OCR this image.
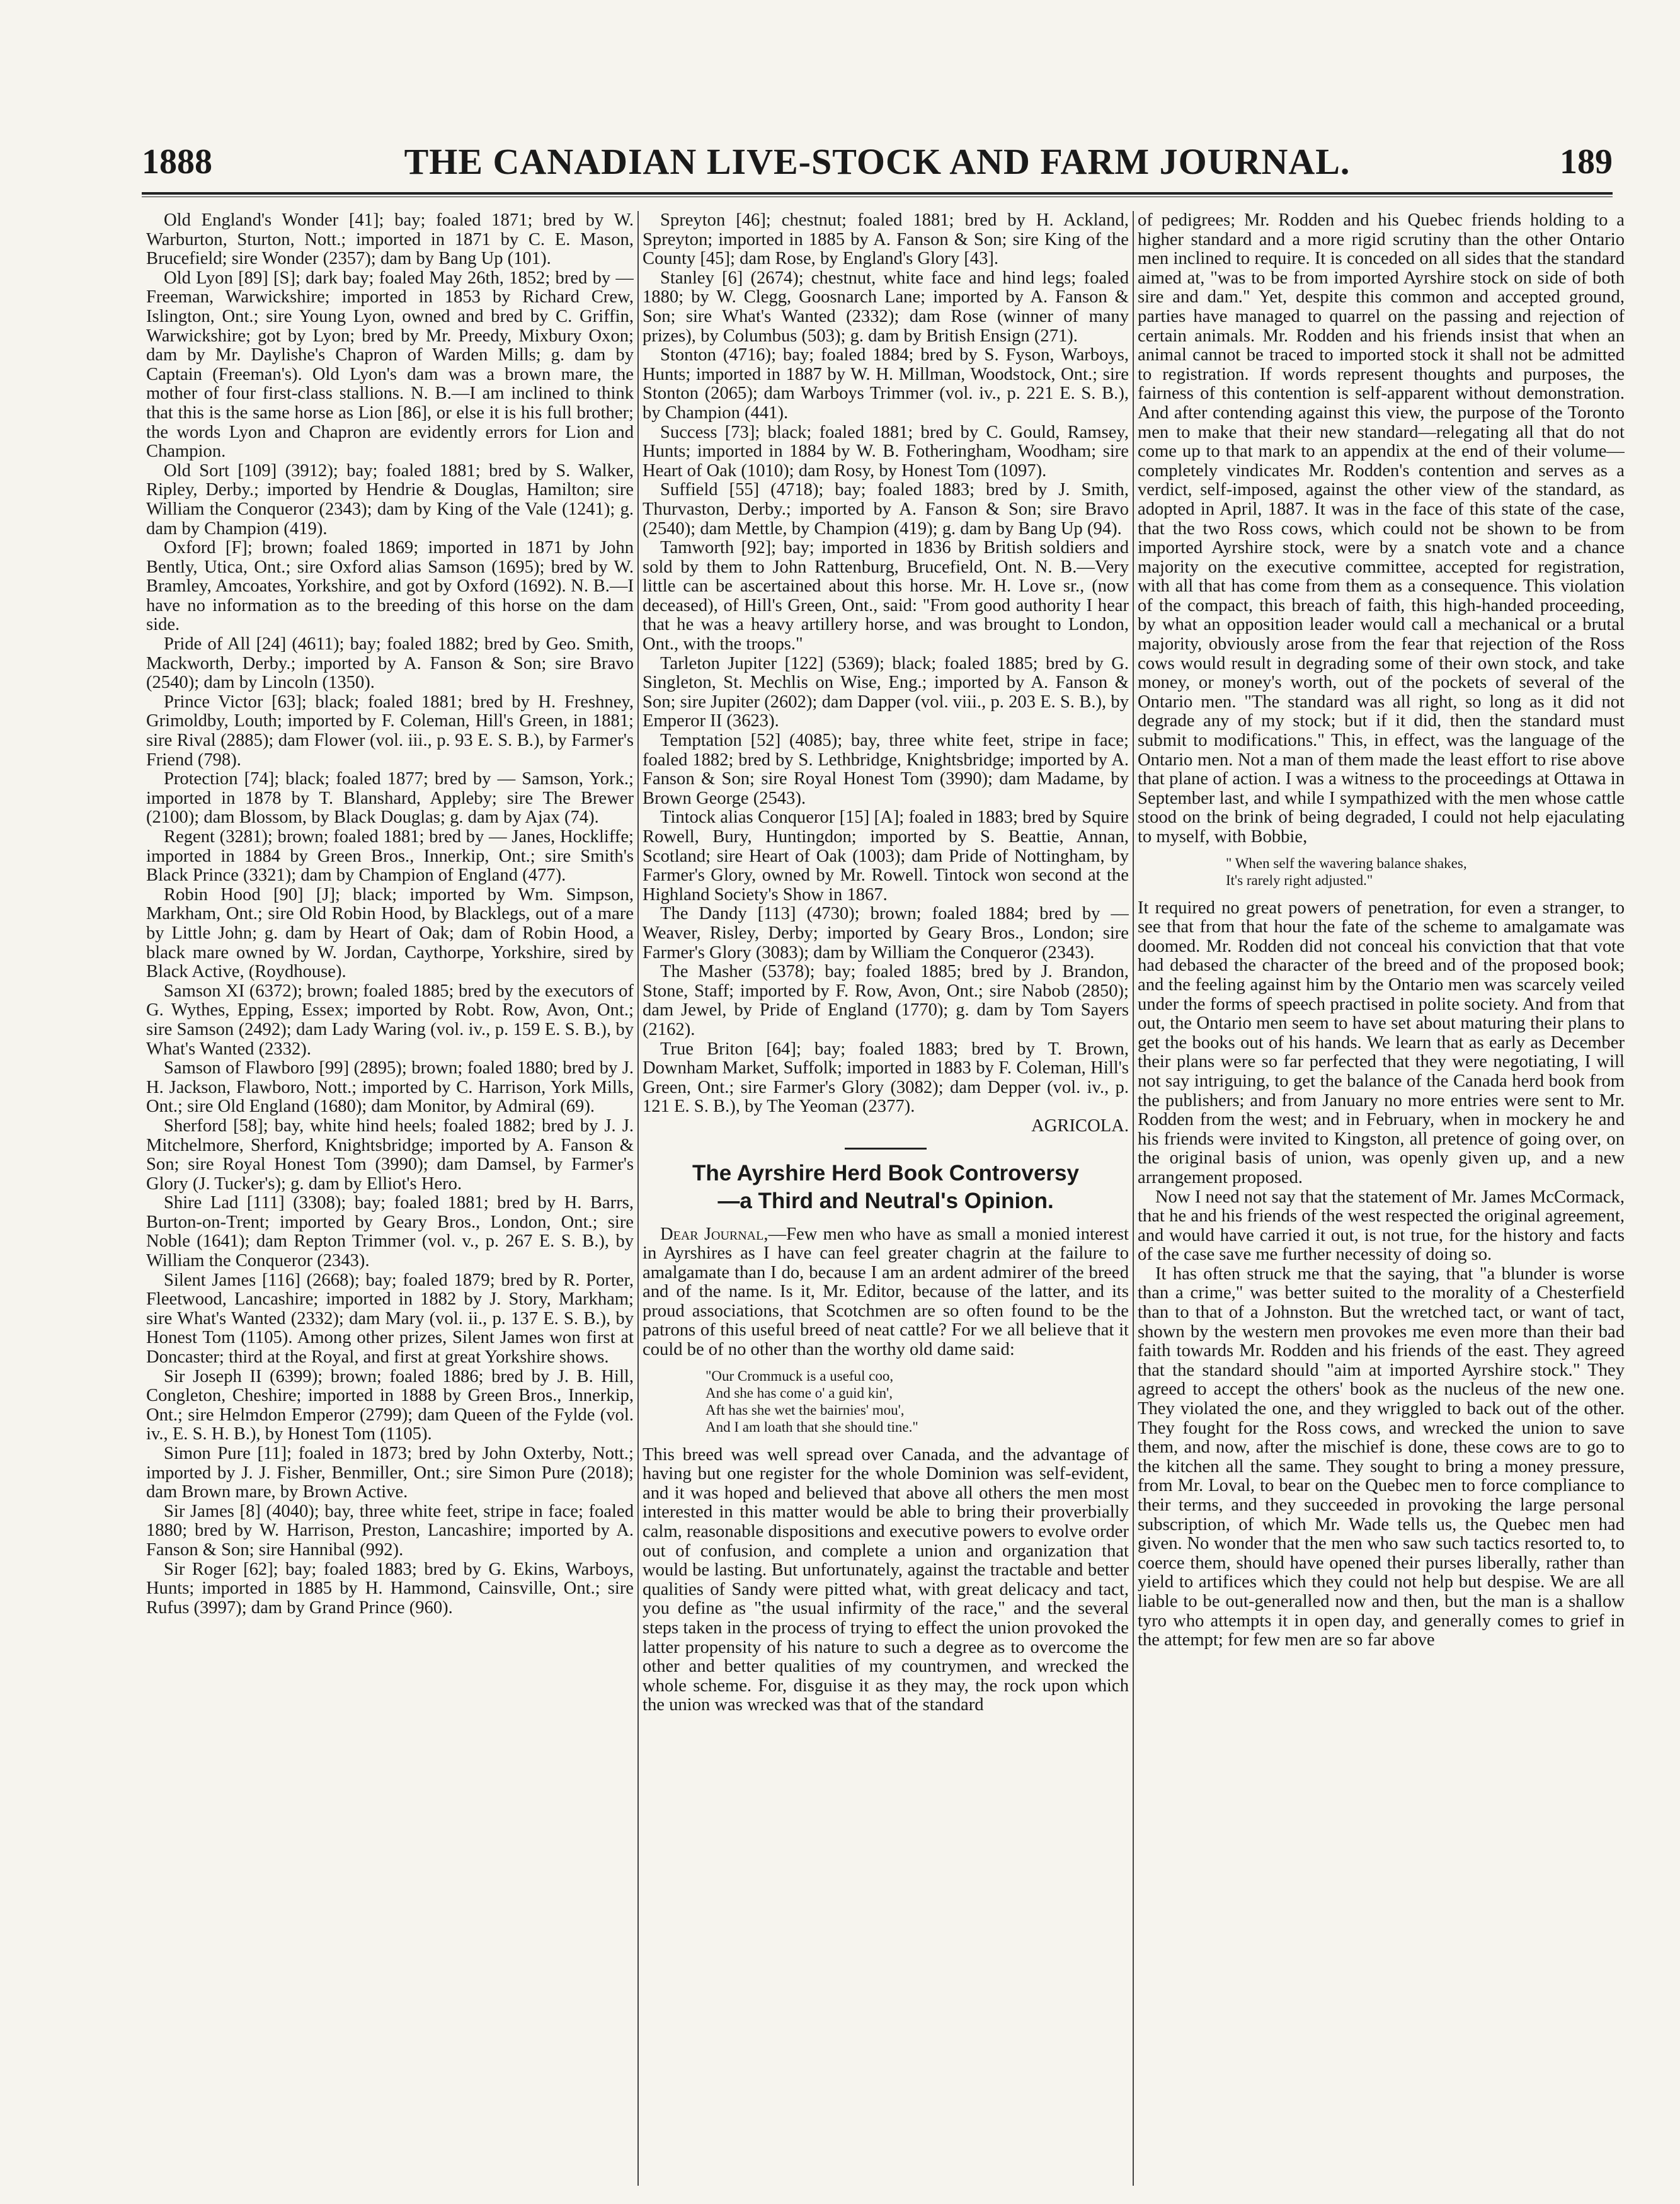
1888	THE CANADIAN LIVE-STOCK AND FARM JOURNAL.	189

Old England's Wonder [41]; bay; foaled 1871; bred by W. Warburton, Sturton, Nott.; imported in 1871 by C. E. Mason, Brucefield; sire Wonder (2357); dam by Bang Up (101).

Old Lyon [89] [S]; dark bay; foaled May 26th, 1852; bred by — Freeman, Warwickshire; imported in 1853 by Richard Crew, Islington, Ont.; sire Young Lyon, owned and bred by C. Griffin, Warwickshire; got by Lyon; bred by Mr. Preedy, Mixbury Oxon; dam by Mr. Daylishe's Chapron of Warden Mills; g. dam by Captain (Freeman's). Old Lyon's dam was a brown mare, the mother of four first-class stallions. N. B.—I am inclined to think that this is the same horse as Lion [86], or else it is his full brother; the words Lyon and Chapron are evidently errors for Lion and Champion.

Old Sort [109] (3912); bay; foaled 1881; bred by S. Walker, Ripley, Derby.; imported by Hendrie & Douglas, Hamilton; sire William the Conqueror (2343); dam by King of the Vale (1241); g. dam by Champion (419).

Oxford [F]; brown; foaled 1869; imported in 1871 by John Bently, Utica, Ont.; sire Oxford alias Samson (1695); bred by W. Bramley, Amcoates, Yorkshire, and got by Oxford (1692). N. B.—I have no information as to the breeding of this horse on the dam side.

Pride of All [24] (4611); bay; foaled 1882; bred by Geo. Smith, Mackworth, Derby.; imported by A. Fanson & Son; sire Bravo (2540); dam by Lincoln (1350).

Prince Victor [63]; black; foaled 1881; bred by H. Freshney, Grimoldby, Louth; imported by F. Coleman, Hill's Green, in 1881; sire Rival (2885); dam Flower (vol. iii., p. 93 E. S. B.), by Farmer's Friend (798).

Protection [74]; black; foaled 1877; bred by — Samson, York.; imported in 1878 by T. Blanshard, Appleby; sire The Brewer (2100); dam Blossom, by Black Douglas; g. dam by Ajax (74).

Regent (3281); brown; foaled 1881; bred by — Janes, Hockliffe; imported in 1884 by Green Bros., Innerkip, Ont.; sire Smith's Black Prince (3321); dam by Champion of England (477).

Robin Hood [90] [J]; black; imported by Wm. Simpson, Markham, Ont.; sire Old Robin Hood, by Blacklegs, out of a mare by Little John; g. dam by Heart of Oak; dam of Robin Hood, a black mare owned by W. Jordan, Caythorpe, Yorkshire, sired by Black Active, (Roydhouse).

Samson XI (6372); brown; foaled 1885; bred by the executors of G. Wythes, Epping, Essex; imported by Robt. Row, Avon, Ont.; sire Samson (2492); dam Lady Waring (vol. iv., p. 159 E. S. B.), by What's Wanted (2332).

Samson of Flawboro [99] (2895); brown; foaled 1880; bred by J. H. Jackson, Flawboro, Nott.; imported by C. Harrison, York Mills, Ont.; sire Old England (1680); dam Monitor, by Admiral (69).

Sherford [58]; bay, white hind heels; foaled 1882; bred by J. J. Mitchelmore, Sherford, Knightsbridge; imported by A. Fanson & Son; sire Royal Honest Tom (3990); dam Damsel, by Farmer's Glory (J. Tucker's); g. dam by Elliot's Hero.

Shire Lad [111] (3308); bay; foaled 1881; bred by H. Barrs, Burton-on-Trent; imported by Geary Bros., London, Ont.; sire Noble (1641); dam Repton Trimmer (vol. v., p. 267 E. S. B.), by William the Conqueror (2343).

Silent James [116] (2668); bay; foaled 1879; bred by R. Porter, Fleetwood, Lancashire; imported in 1882 by J. Story, Markham; sire What's Wanted (2332); dam Mary (vol. ii., p. 137 E. S. B.), by Honest Tom (1105). Among other prizes, Silent James won first at Doncaster; third at the Royal, and first at great Yorkshire shows.

Sir Joseph II (6399); brown; foaled 1886; bred by J. B. Hill, Congleton, Cheshire; imported in 1888 by Green Bros., Innerkip, Ont.; sire Helmdon Emperor (2799); dam Queen of the Fylde (vol. iv., E. S. H. B.), by Honest Tom (1105).

Simon Pure [11]; foaled in 1873; bred by John Oxterby, Nott.; imported by J. J. Fisher, Benmiller, Ont.; sire Simon Pure (2018); dam Brown mare, by Brown Active.

Sir James [8] (4040); bay, three white feet, stripe in face; foaled 1880; bred by W. Harrison, Preston, Lancashire; imported by A. Fanson & Son; sire Hannibal (992).

Sir Roger [62]; bay; foaled 1883; bred by G. Ekins, Warboys, Hunts; imported in 1885 by H. Hammond, Cainsville, Ont.; sire Rufus (3997); dam by Grand Prince (960).

Spreyton [46]; chestnut; foaled 1881; bred by H. Ackland, Spreyton; imported in 1885 by A. Fanson & Son; sire King of the County [45]; dam Rose, by England's Glory [43].

Stanley [6] (2674); chestnut, white face and hind legs; foaled 1880; by W. Clegg, Goosnarch Lane; imported by A. Fanson & Son; sire What's Wanted (2332); dam Rose (winner of many prizes), by Columbus (503); g. dam by British Ensign (271).

Stonton (4716); bay; foaled 1884; bred by S. Fyson, Warboys, Hunts; imported in 1887 by W. H. Millman, Woodstock, Ont.; sire Stonton (2065); dam Warboys Trimmer (vol. iv., p. 221 E. S. B.), by Champion (441).

Success [73]; black; foaled 1881; bred by C. Gould, Ramsey, Hunts; imported in 1884 by W. B. Fotheringham, Woodham; sire Heart of Oak (1010); dam Rosy, by Honest Tom (1097).

Suffield [55] (4718); bay; foaled 1883; bred by J. Smith, Thurvaston, Derby.; imported by A. Fanson & Son; sire Bravo (2540); dam Mettle, by Champion (419); g. dam by Bang Up (94).

Tamworth [92]; bay; imported in 1836 by British soldiers and sold by them to John Rattenburg, Brucefield, Ont. N. B.—Very little can be ascertained about this horse. Mr. H. Love sr., (now deceased), of Hill's Green, Ont., said: "From good authority I hear that he was a heavy artillery horse, and was brought to London, Ont., with the troops."

Tarleton Jupiter [122] (5369); black; foaled 1885; bred by G. Singleton, St. Mechlis on Wise, Eng.; imported by A. Fanson & Son; sire Jupiter (2602); dam Dapper (vol. viii., p. 203 E. S. B.), by Emperor II (3623).

Temptation [52] (4085); bay, three white feet, stripe in face; foaled 1882; bred by S. Lethbridge, Knightsbridge; imported by A. Fanson & Son; sire Royal Honest Tom (3990); dam Madame, by Brown George (2543).

Tintock alias Conqueror [15] [A]; foaled in 1883; bred by Squire Rowell, Bury, Huntingdon; imported by S. Beattie, Annan, Scotland; sire Heart of Oak (1003); dam Pride of Nottingham, by Farmer's Glory, owned by Mr. Rowell. Tintock won second at the Highland Society's Show in 1867.

The Dandy [113] (4730); brown; foaled 1884; bred by — Weaver, Risley, Derby; imported by Geary Bros., London; sire Farmer's Glory (3083); dam by William the Conqueror (2343).

The Masher (5378); bay; foaled 1885; bred by J. Brandon, Stone, Staff; imported by F. Row, Avon, Ont.; sire Nabob (2850); dam Jewel, by Pride of England (1770); g. dam by Tom Sayers (2162).

True Briton [64]; bay; foaled 1883; bred by T. Brown, Downham Market, Suffolk; imported in 1883 by F. Coleman, Hill's Green, Ont.; sire Farmer's Glory (3082); dam Depper (vol. iv., p. 121 E. S. B.), by The Yeoman (2377).

AGRICOLA.
The Ayrshire Herd Book Controversy
—a Third and Neutral's Opinion.

Dear Journal,—Few men who have as small a monied interest in Ayrshires as I have can feel greater chagrin at the failure to amalgamate than I do, because I am an ardent admirer of the breed and of the name. Is it, Mr. Editor, because of the latter, and its proud associations, that Scotchmen are so often found to be the patrons of this useful breed of neat cattle? For we all believe that it could be of no other than the worthy old dame said:

"Our Crommuck is a useful coo,
And she has come o' a guid kin',
Aft has she wet the bairnies' mou',
And I am loath that she should tine."

This breed was well spread over Canada, and the advantage of having but one register for the whole Dominion was self-evident, and it was hoped and believed that above all others the men most interested in this matter would be able to bring their proverbially calm, reasonable dispositions and executive powers to evolve order out of confusion, and complete a union and organization that would be lasting. But unfortunately, against the tractable and better qualities of Sandy were pitted what, with great delicacy and tact, you define as "the usual infirmity of the race," and the several steps taken in the process of trying to effect the union provoked the latter propensity of his nature to such a degree as to overcome the other and better qualities of my countrymen, and wrecked the whole scheme. For, disguise it as they may, the rock upon which the union was wrecked was that of the standard

of pedigrees; Mr. Rodden and his Quebec friends holding to a higher standard and a more rigid scrutiny than the other Ontario men inclined to require. It is conceded on all sides that the standard aimed at, "was to be from imported Ayrshire stock on side of both sire and dam." Yet, despite this common and accepted ground, parties have managed to quarrel on the passing and rejection of certain animals. Mr. Rodden and his friends insist that when an animal cannot be traced to imported stock it shall not be admitted to registration. If words represent thoughts and purposes, the fairness of this contention is self-apparent without demonstration. And after contending against this view, the purpose of the Toronto men to make that their new standard—relegating all that do not come up to that mark to an appendix at the end of their volume—completely vindicates Mr. Rodden's contention and serves as a verdict, self-imposed, against the other view of the standard, as adopted in April, 1887. It was in the face of this state of the case, that the two Ross cows, which could not be shown to be from imported Ayrshire stock, were by a snatch vote and a chance majority on the executive committee, accepted for registration, with all that has come from them as a consequence. This violation of the compact, this breach of faith, this high-handed proceeding, by what an opposition leader would call a mechanical or a brutal majority, obviously arose from the fear that rejection of the Ross cows would result in degrading some of their own stock, and take money, or money's worth, out of the pockets of several of the Ontario men. "The standard was all right, so long as it did not degrade any of my stock; but if it did, then the standard must submit to modifications." This, in effect, was the language of the Ontario men. Not a man of them made the least effort to rise above that plane of action. I was a witness to the proceedings at Ottawa in September last, and while I sympathized with the men whose cattle stood on the brink of being degraded, I could not help ejaculating to myself, with Bobbie,

" When self the wavering balance shakes,
It's rarely right adjusted."

It required no great powers of penetration, for even a stranger, to see that from that hour the fate of the scheme to amalgamate was doomed. Mr. Rodden did not conceal his conviction that that vote had debased the character of the breed and of the proposed book; and the feeling against him by the Ontario men was scarcely veiled under the forms of speech practised in polite society. And from that out, the Ontario men seem to have set about maturing their plans to get the books out of his hands. We learn that as early as December their plans were so far perfected that they were negotiating, I will not say intriguing, to get the balance of the Canada herd book from the publishers; and from January no more entries were sent to Mr. Rodden from the west; and in February, when in mockery he and his friends were invited to Kingston, all pretence of going over, on the original basis of union, was openly given up, and a new arrangement proposed.

Now I need not say that the statement of Mr. James McCormack, that he and his friends of the west respected the original agreement, and would have carried it out, is not true, for the history and facts of the case save me further necessity of doing so.

It has often struck me that the saying, that "a blunder is worse than a crime," was better suited to the morality of a Chesterfield than to that of a Johnston. But the wretched tact, or want of tact, shown by the western men provokes me even more than their bad faith towards Mr. Rodden and his friends of the east. They agreed that the standard should "aim at imported Ayrshire stock." They agreed to accept the others' book as the nucleus of the new one. They violated the one, and they wriggled to back out of the other. They fought for the Ross cows, and wrecked the union to save them, and now, after the mischief is done, these cows are to go to the kitchen all the same. They sought to bring a money pressure, from Mr. Loval, to bear on the Quebec men to force compliance to their terms, and they succeeded in provoking the large personal subscription, of which Mr. Wade tells us, the Quebec men had given. No wonder that the men who saw such tactics resorted to, to coerce them, should have opened their purses liberally, rather than yield to artifices which they could not help but despise. We are all liable to be out-generalled now and then, but the man is a shallow tyro who attempts it in open day, and generally comes to grief in the attempt; for few men are so far above
